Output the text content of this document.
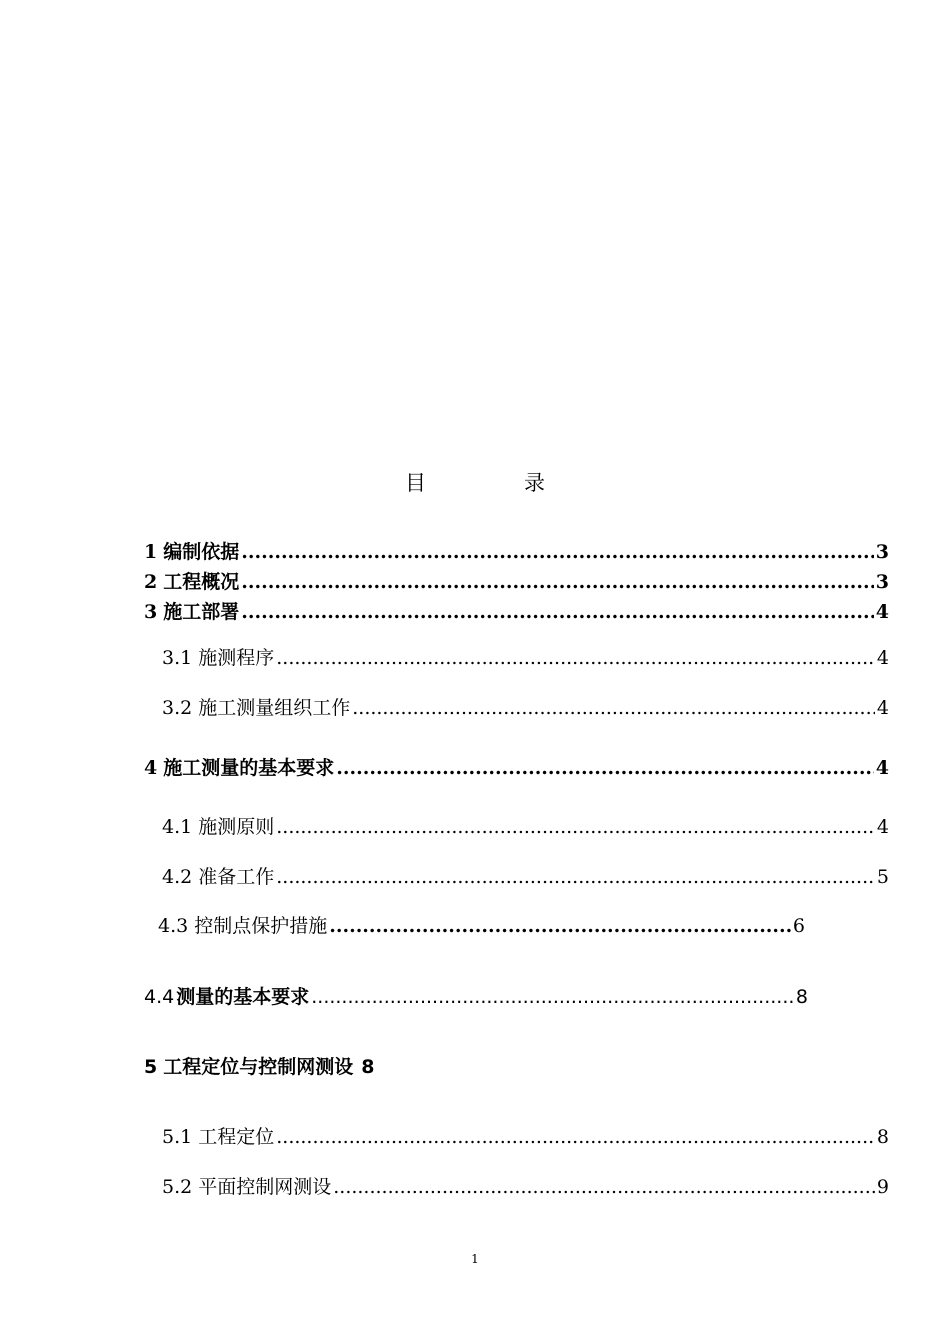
目	录
1 编制依据 .....	3
2 工程概况 .....	3
3 施工部署 .....	4
3.1 施测程序 .....	4
3.2 施工测量组织工作 .....	4
4 施工测量的基本要求 .....	4
4.1 施测原则 .....	4
4.2 准备工作 .....	5
4.3 控制点保护措施 .....	6
4.4 测量的基本要求 .....	8
5 工程定位与控制网测设 8
5.1 工程定位 .....	8
5.2 平面控制网测设 .....	9
1
